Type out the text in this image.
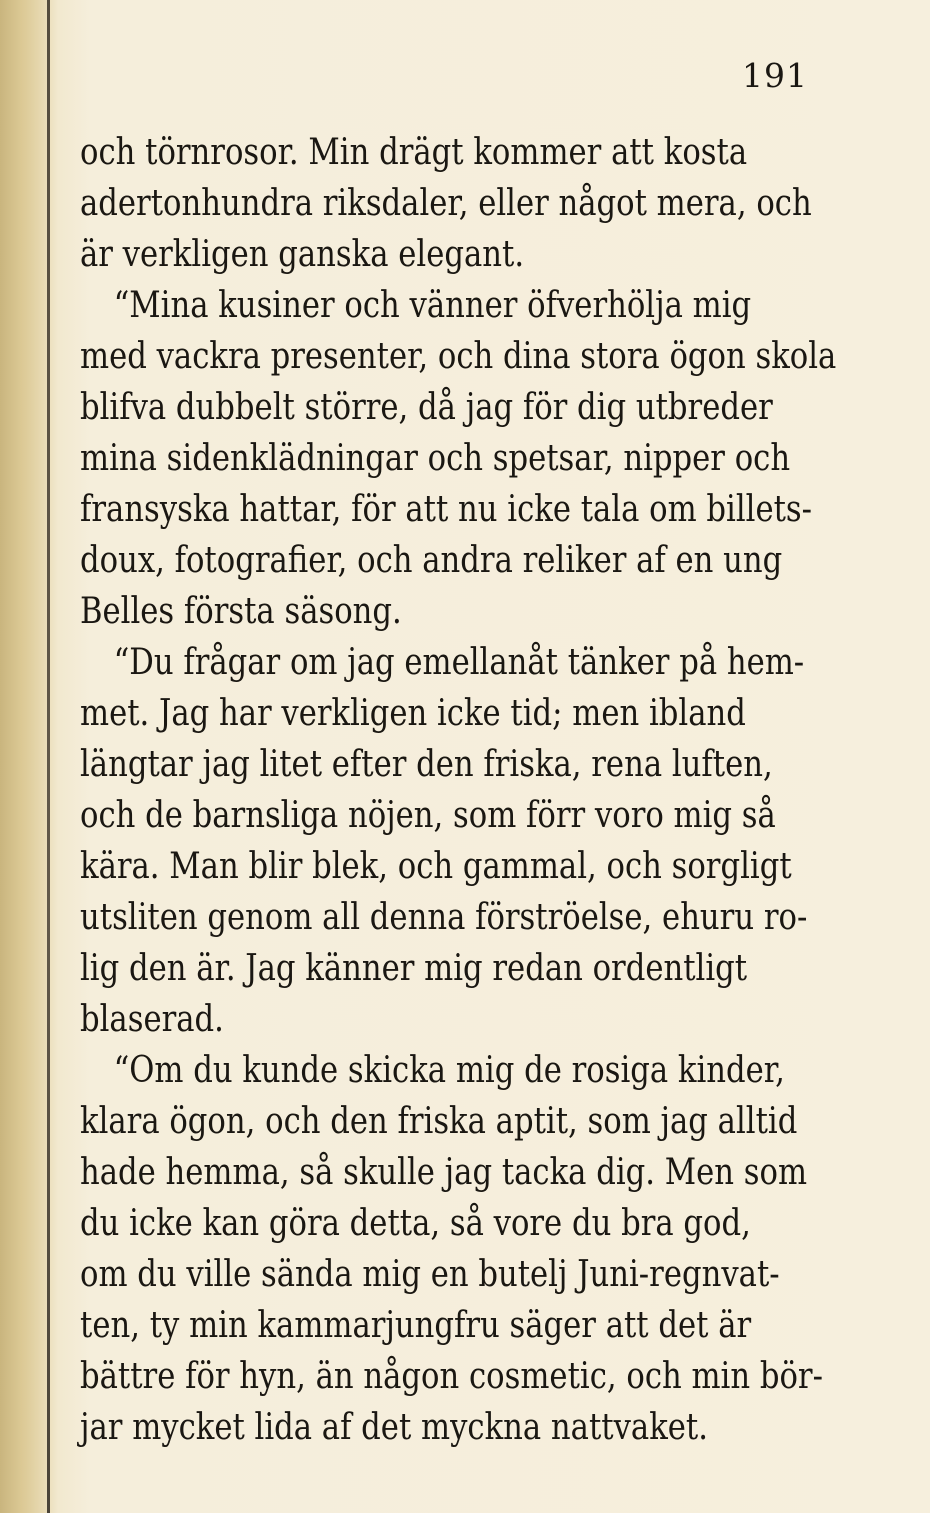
191
och törnrosor. Min drägt kommer att kosta
adertonhundra riksdaler, eller något mera, och
är verkligen ganska elegant.
“Mina kusiner och vänner öfverhölja mig
med vackra presenter, och dina stora ögon skola
blifva dubbelt större, då jag för dig utbreder
mina sidenklädningar och spetsar, nipper och
fransyska hattar, för att nu icke tala om billets-
doux, fotografier, och andra reliker af en ung
Belles första säsong.
“Du frågar om jag emellanåt tänker på hem-
met. Jag har verkligen icke tid; men ibland
längtar jag litet efter den friska, rena luften,
och de barnsliga nöjen, som förr voro mig så
kära. Man blir blek, och gammal, och sorgligt
utsliten genom all denna förströelse, ehuru ro-
lig den är. Jag känner mig redan ordentligt
blaserad.
“Om du kunde skicka mig de rosiga kinder,
klara ögon, och den friska aptit, som jag alltid
hade hemma, så skulle jag tacka dig. Men som
du icke kan göra detta, så vore du bra god,
om du ville sända mig en butelj Juni-regnvat-
ten, ty min kammarjungfru säger att det är
bättre för hyn, än någon cosmetic, och min bör-
jar mycket lida af det myckna nattvaket.
